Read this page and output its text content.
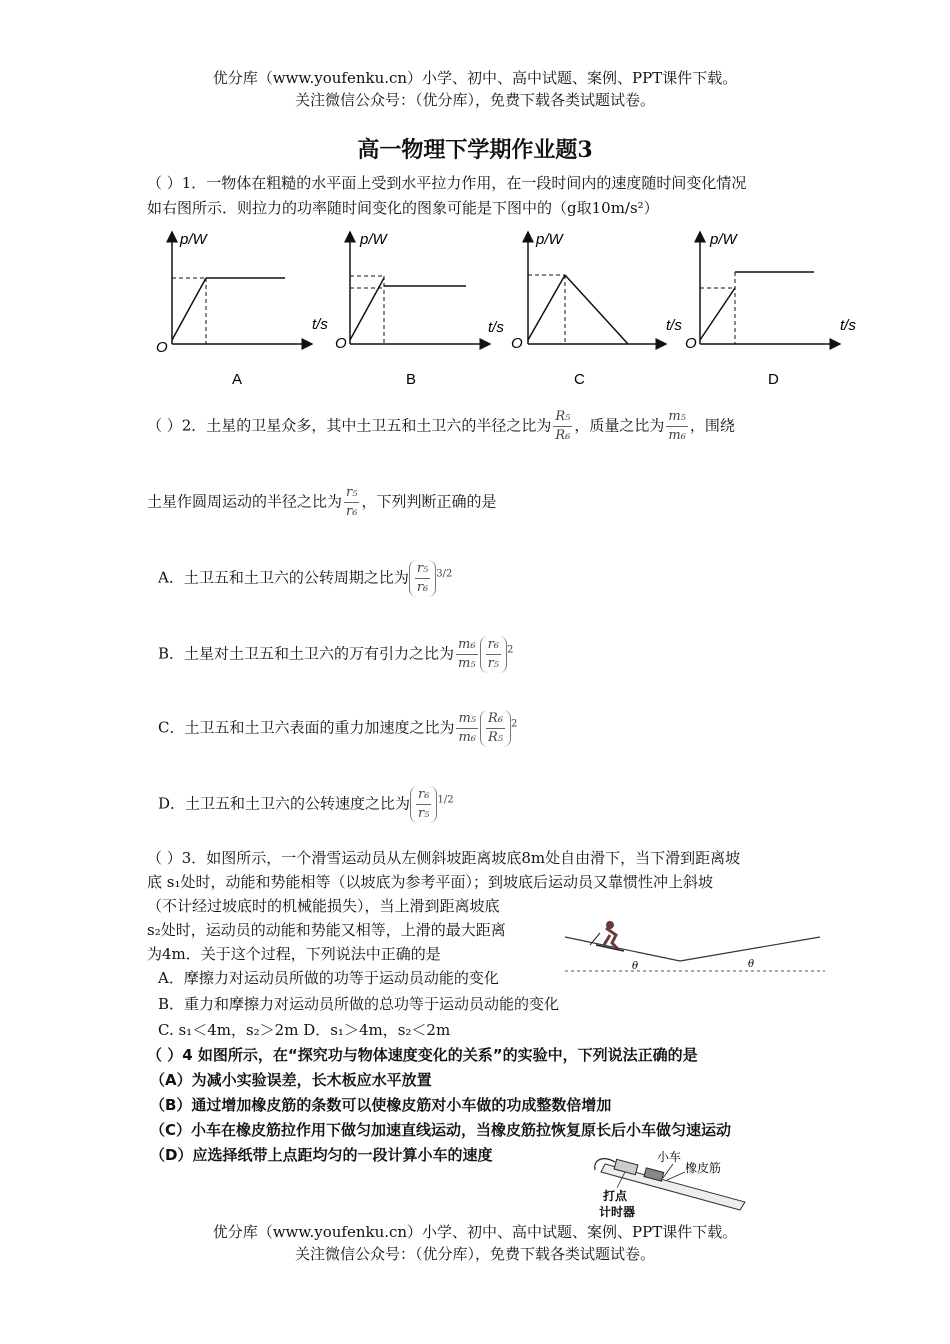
优分库（www.youfenku.cn）小学、初中、高中试题、案例、PPT课件下载。
关注微信公众号：（优分库），免费下载各类试题试卷。
高一物理下学期作业题3
（ ）1．一物体在粗糙的水平面上受到水平拉力作用，在一段时间内的速度随时间变化情况
如右图所示．则拉力的功率随时间变化的图象可能是下图中的（g取10m/s²）
p/W
t/s
O
A
p/W
t/s
O
B
p/W
t/s
O
C
p/W
t/s
O
D
（ ）2．土星的卫星众多，其中土卫五和土卫六的半径之比为 $\frac{\text{R₅}}{\text{R₆}}$ ，质量之比为 $\frac{\text{m₅}}{\text{m₆}}$ ，围绕
土星作圆周运动的半径之比为 $\frac{\text{r₅}}{\text{r₆}}$ ，下列判断正确的是
A．土卫五和土卫六的公转周期之比为 $\frac{\text{r₅}}{\text{r₆}} ^{3/2}$
B．土星对土卫五和土卫六的万有引力之比为 $\frac{\text{m₆}}{\text{m₅}} \frac{\text{r₆}}{\text{r₅}} ^2$
C．土卫五和土卫六表面的重力加速度之比为 $\frac{\text{m₅}}{\text{m₆}} \frac{\text{R₆}}{\text{R₅}} ^2$
D．土卫五和土卫六的公转速度之比为 $\frac{\text{r₆}}{\text{r₅}} ^{1/2}$
（ ）3．如图所示，一个滑雪运动员从左侧斜坡距离坡底8m处自由滑下，当下滑到距离坡
底 s₁处时，动能和势能相等（以坡底为参考平面）；到坡底后运动员又靠惯性冲上斜坡
（不计经过坡底时的机械能损失），当上滑到距离坡底
s₂处时，运动员的动能和势能又相等，上滑的最大距离
为4m．关于这个过程，下列说法中正确的是
A．摩擦力对运动员所做的功等于运动员动能的变化
B．重力和摩擦力对运动员所做的总功等于运动员动能的变化
C. s₁＜4m，s₂＞2m D．s₁＞4m，s₂＜2m
θ	θ
（ ）4 如图所示，在“探究功与物体速度变化的关系”的实验中，下列说法正确的是
（A）为减小实验误差，长木板应水平放置
（B）通过增加橡皮筋的条数可以使橡皮筋对小车做的功成整数倍增加
（C）小车在橡皮筋拉作用下做匀加速直线运动，当橡皮筋拉恢复原长后小车做匀速运动
（D）应选择纸带上点距均匀的一段计算小车的速度	小车
橡皮筋
打点
计时器
优分库（www.youfenku.cn）小学、初中、高中试题、案例、PPT课件下载。
关注微信公众号：（优分库），免费下载各类试题试卷。
